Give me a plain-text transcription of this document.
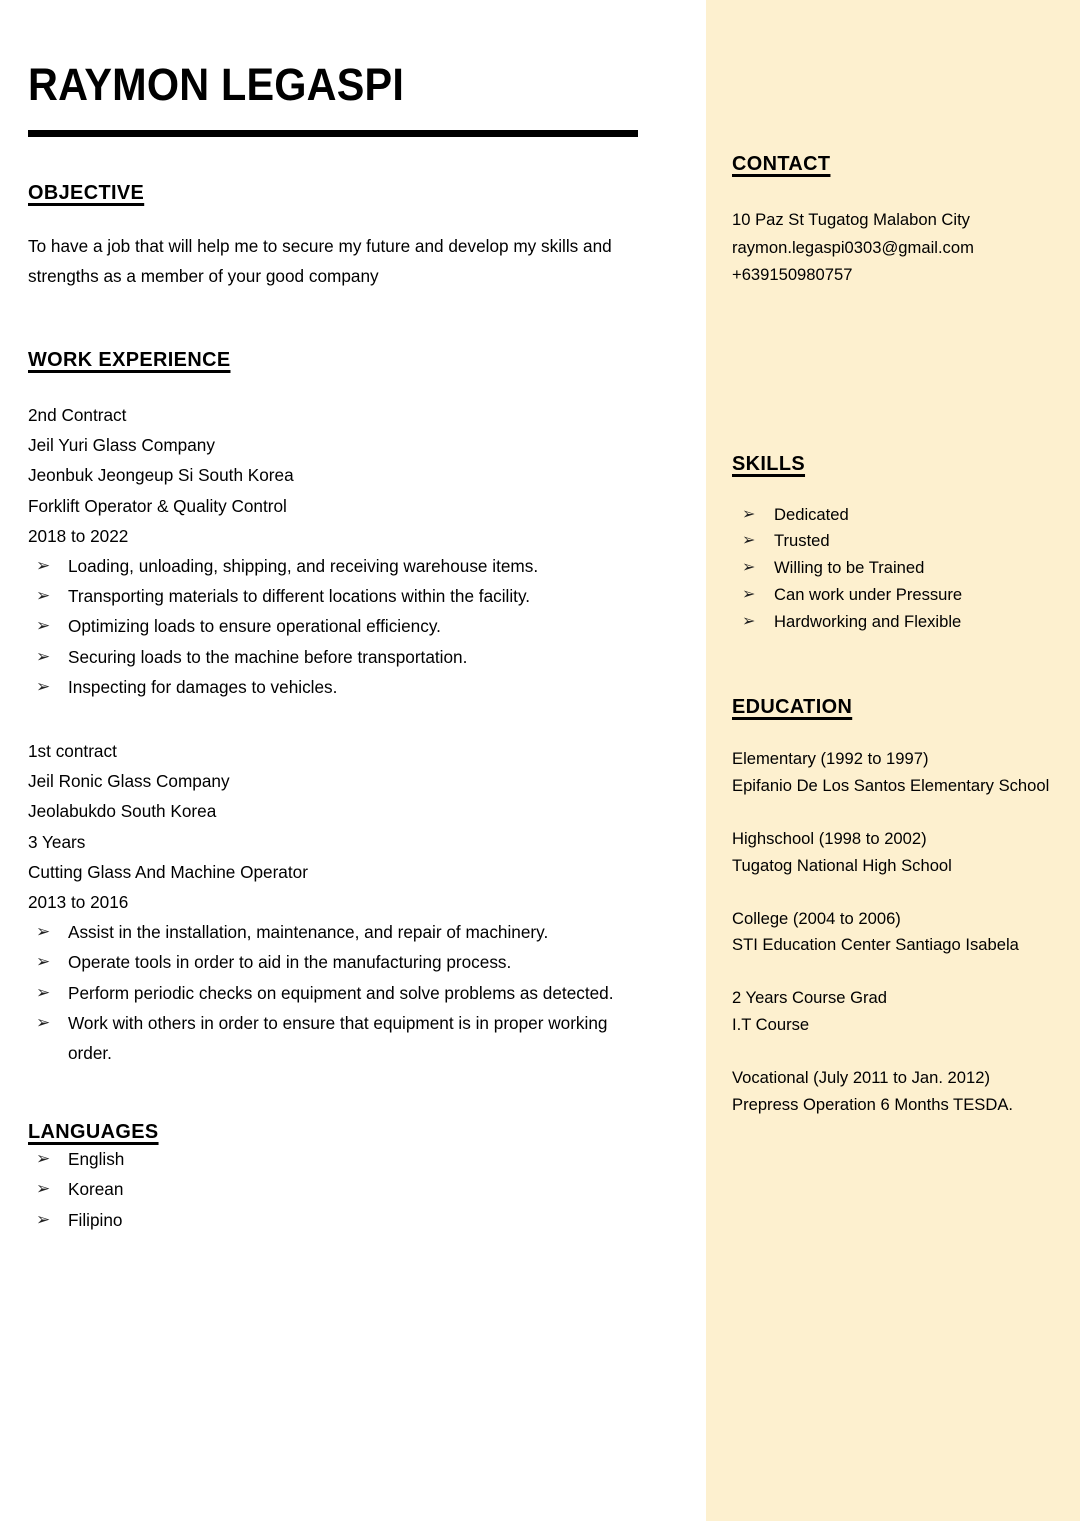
RAYMON LEGASPI
OBJECTIVE
To have a job that will help me to secure my future and develop my skills and strengths as a member of your good company
WORK EXPERIENCE
2nd Contract
Jeil Yuri Glass Company
Jeonbuk Jeongeup Si South Korea
Forklift Operator & Quality Control
2018 to 2022
➢	Loading, unloading, shipping, and receiving warehouse items.
➢	Transporting materials to different locations within the facility.
➢	Optimizing loads to ensure operational efficiency.
➢	Securing loads to the machine before transportation.
➢	Inspecting for damages to vehicles.
1st contract
Jeil Ronic Glass Company
Jeolabukdo South Korea
3 Years
Cutting Glass And Machine Operator
2013 to 2016
➢	Assist in the installation, maintenance, and repair of machinery.
➢	Operate tools in order to aid in the manufacturing process.
➢	Perform periodic checks on equipment and solve problems as detected.
➢	Work with others in order to ensure that equipment is in proper working order.
LANGUAGES
➢	English
➢	Korean
➢	Filipino
CONTACT
10 Paz St Tugatog Malabon City
raymon.legaspi0303@gmail.com
+639150980757
SKILLS
➢	Dedicated
➢	Trusted
➢	Willing to be Trained
➢	Can work under Pressure
➢	Hardworking and Flexible
EDUCATION
Elementary (1992 to 1997)
Epifanio De Los Santos Elementary School
Highschool (1998 to 2002)
Tugatog National High School
College (2004 to 2006)
STI Education Center Santiago Isabela
2 Years Course Grad
I.T Course
Vocational (July 2011 to Jan. 2012)
Prepress Operation 6 Months TESDA.
